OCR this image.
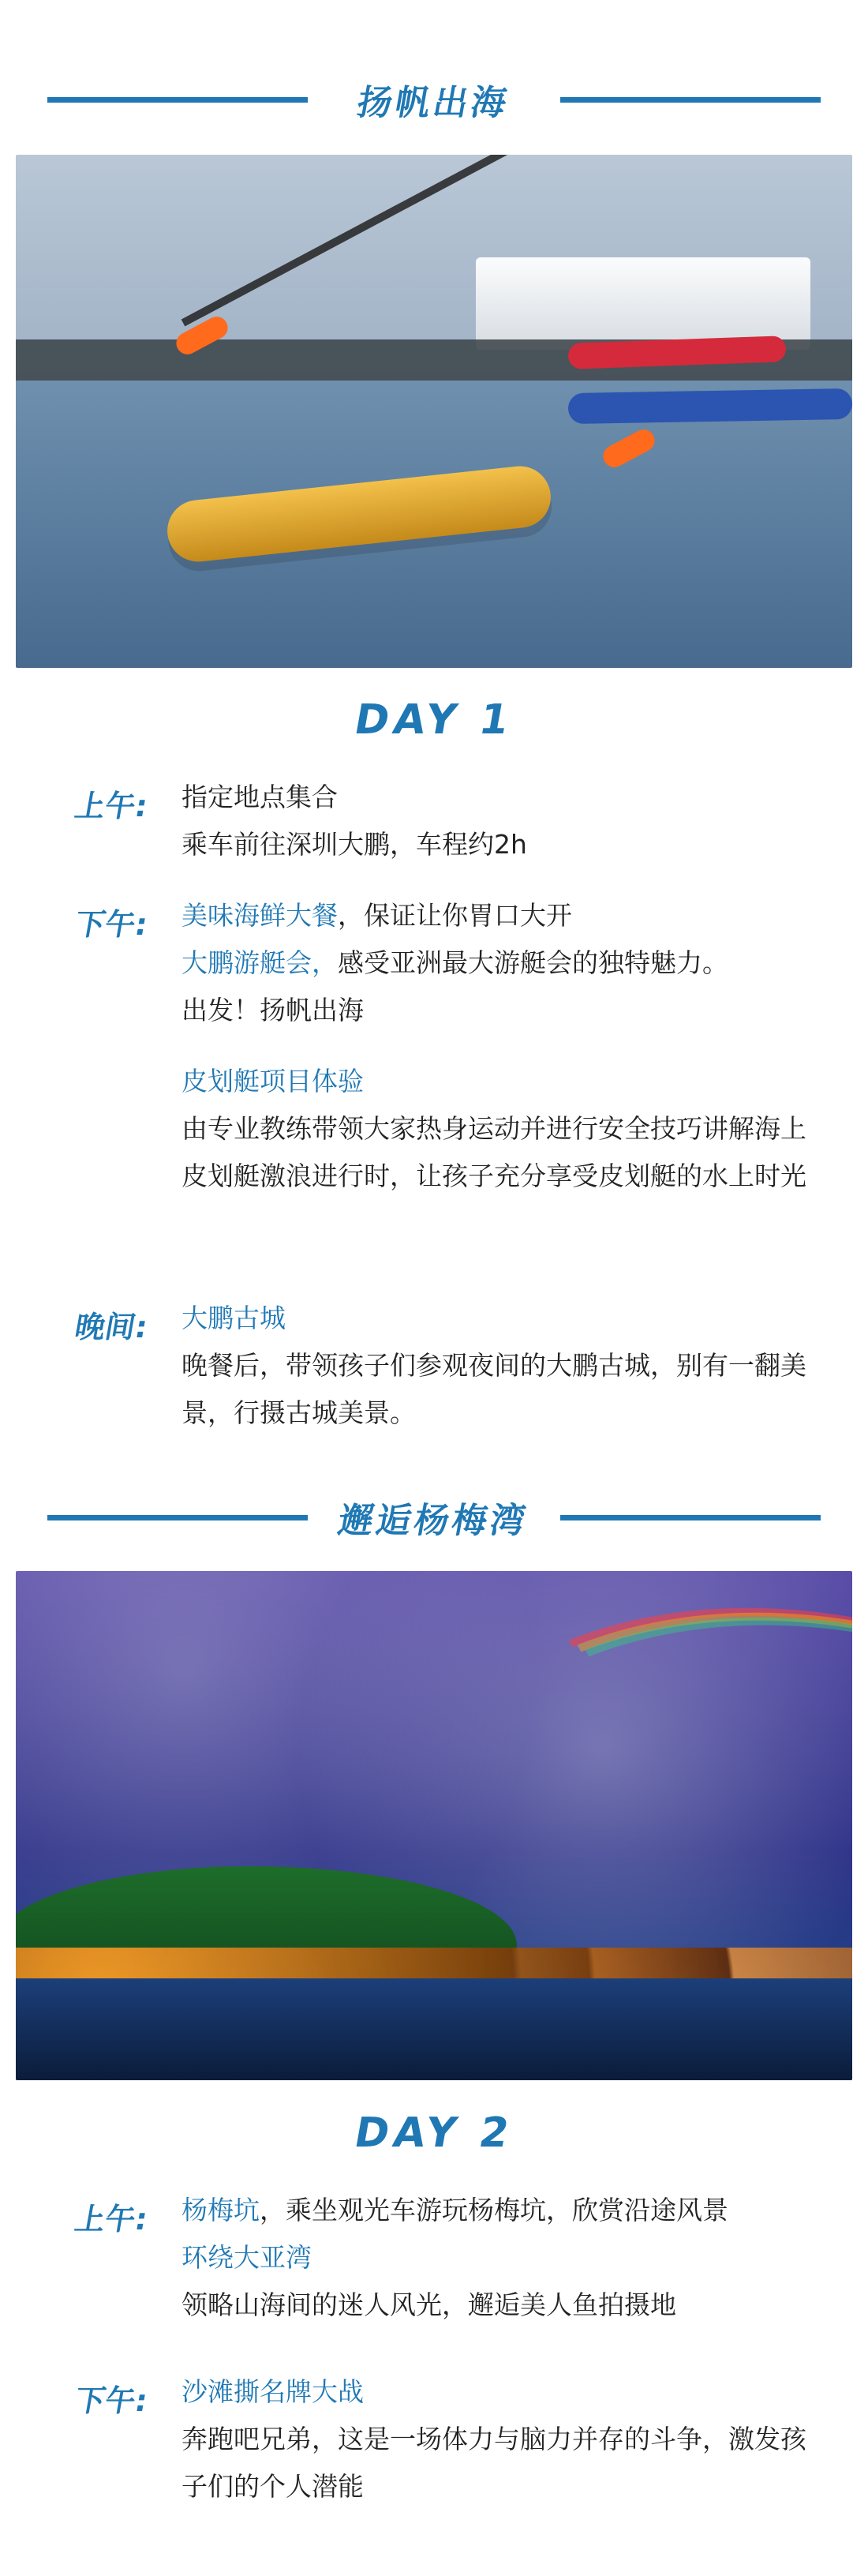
扬帆出海
DAY 1
上午:	指定地点集合
乘车前往深圳大鹏，车程约2h
下午:	美味海鲜大餐，保证让你胃口大开
大鹏游艇会，感受亚洲最大游艇会的独特魅力。
出发！扬帆出海
皮划艇项目体验
由专业教练带领大家热身运动并进行安全技巧讲解海上皮划艇激浪进行时，让孩子充分享受皮划艇的水上时光
晚间:	大鹏古城
晚餐后，带领孩子们参观夜间的大鹏古城，别有一翻美景，行摄古城美景。
邂逅杨梅湾
DAY 2
上午:	杨梅坑，乘坐观光车游玩杨梅坑，欣赏沿途风景
环绕大亚湾
领略山海间的迷人风光，邂逅美人鱼拍摄地
下午:	沙滩撕名牌大战
奔跑吧兄弟，这是一场体力与脑力并存的斗争，激发孩子们的个人潜能
